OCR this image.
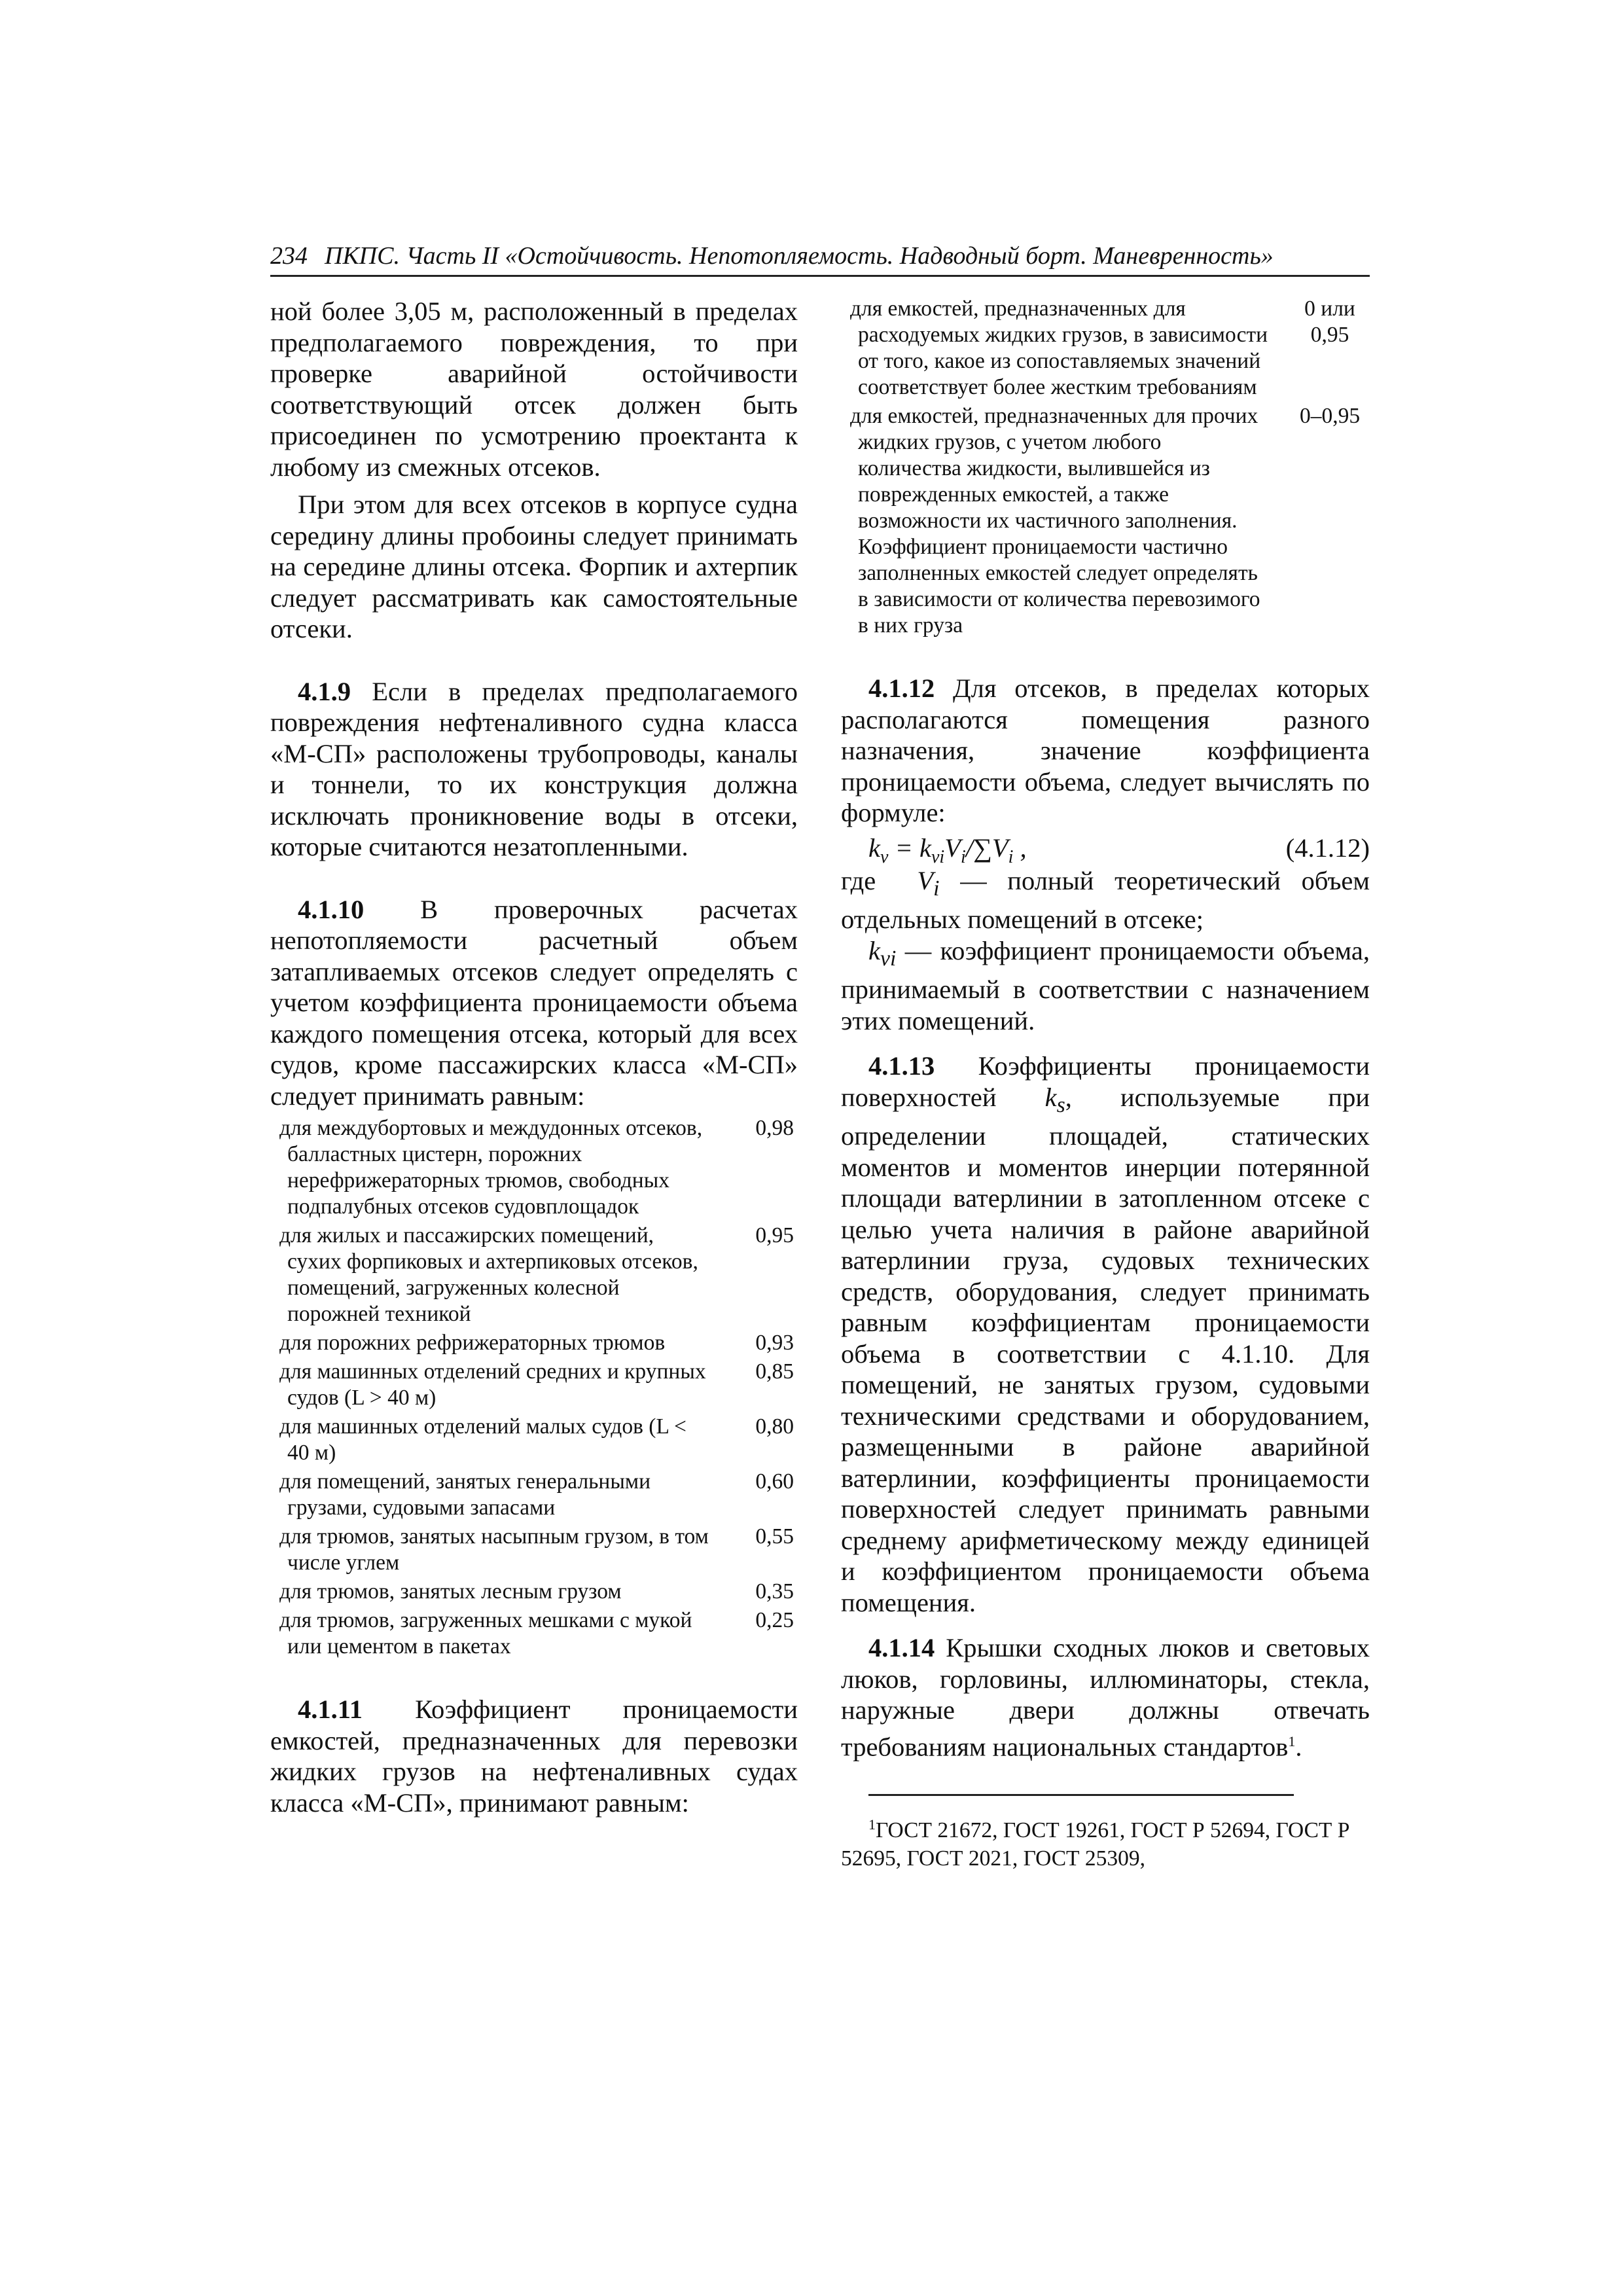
234 ПКПС. Часть II «Остойчивость. Непотопляемость. Надводный борт. Маневренность»

ной более 3,05 м, расположенный в пределах предполагаемого повреждения, то при проверке аварийной остойчивости соответствующий отсек должен быть присоединен по усмотрению проектанта к любому из смежных отсеков.

При этом для всех отсеков в корпусе судна середину длины пробоины следует принимать на середине длины отсека. Форпик и ахтерпик следует рассматривать как самостоятельные отсеки.

4.1.9 Если в пределах предполагаемого повреждения нефтеналивного судна класса «М-СП» расположены трубопроводы, каналы и тоннели, то их конструкция должна исключать проникновение воды в отсеки, которые считаются незатопленными.

4.1.10 В проверочных расчетах непотопляемости расчетный объем затапливаемых отсеков следует определять с учетом коэффициента проницаемости объема каждого помещения отсека, который для всех судов, кроме пассажирских класса «М-СП» следует принимать равным:

для междубортовых и междудонных отсеков, балластных цистерн, порожних нерефрижераторных трюмов, свободных подпалубных отсеков судовплощадок	0,98
для жилых и пассажирских помещений, сухих форпиковых и ахтерпиковых отсеков, помещений, загруженных колесной порожней техникой	0,95
для порожних рефрижераторных трюмов	0,93
для машинных отделений средних и крупных судов (L > 40 м)	0,85
для машинных отделений малых судов (L < 40 м)	0,80
для помещений, занятых генеральными грузами, судовыми запасами	0,60
для трюмов, занятых насыпным грузом, в том числе углем	0,55
для трюмов, занятых лесным грузом	0,35
для трюмов, загруженных мешками с мукой или цементом в пакетах	0,25

4.1.11 Коэффициент проницаемости емкостей, предназначенных для перевозки жидких грузов на нефтеналивных судах класса «М-СП», принимают равным:

для емкостей, предназначенных для расходуемых жидких грузов, в зависимости от того, какое из сопоставляемых значений соответствует более жестким требованиям	0 или 0,95
для емкостей, предназначенных для прочих жидких грузов, с учетом любого количества жидкости, вылившейся из поврежденных емкостей, а также возможности их частичного заполнения. Коэффициент проницаемости частично заполненных емкостей следует определять в зависимости от количества перевозимого в них груза	0–0,95

4.1.12 Для отсеков, в пределах которых располагаются помещения разного назначения, значение коэффициента проницаемости объема, следует вычислять по формуле:

$k_v = k_{vi}V_i/\sum V_i$ ,	(4.1.12)

где  $V_i$ — полный теоретический объем отдельных помещений в отсеке;

$k_{vi}$ — коэффициент проницаемости объема, принимаемый в соответствии с назначением этих помещений.

4.1.13 Коэффициенты проницаемости поверхностей $k_s$, используемые при определении площадей, статических моментов и моментов инерции потерянной площади ватерлинии в затопленном отсеке с целью учета наличия в районе аварийной ватерлинии груза, судовых технических средств, оборудования, следует принимать равным коэффициентам проницаемости объема в соответствии с 4.1.10. Для помещений, не занятых грузом, судовыми техническими средствами и оборудованием, размещенными в районе аварийной ватерлинии, коэффициенты проницаемости поверхностей следует принимать равными среднему арифметическому между единицей и коэффициентом проницаемости объема помещения.

4.1.14 Крышки сходных люков и световых люков, горловины, иллюминаторы, стекла, наружные двери должны отвечать требованиям национальных стандартов$^1$.

$^1$ГОСТ 21672, ГОСТ 19261, ГОСТ Р 52694, ГОСТ Р 52695, ГОСТ 2021, ГОСТ 25309,
